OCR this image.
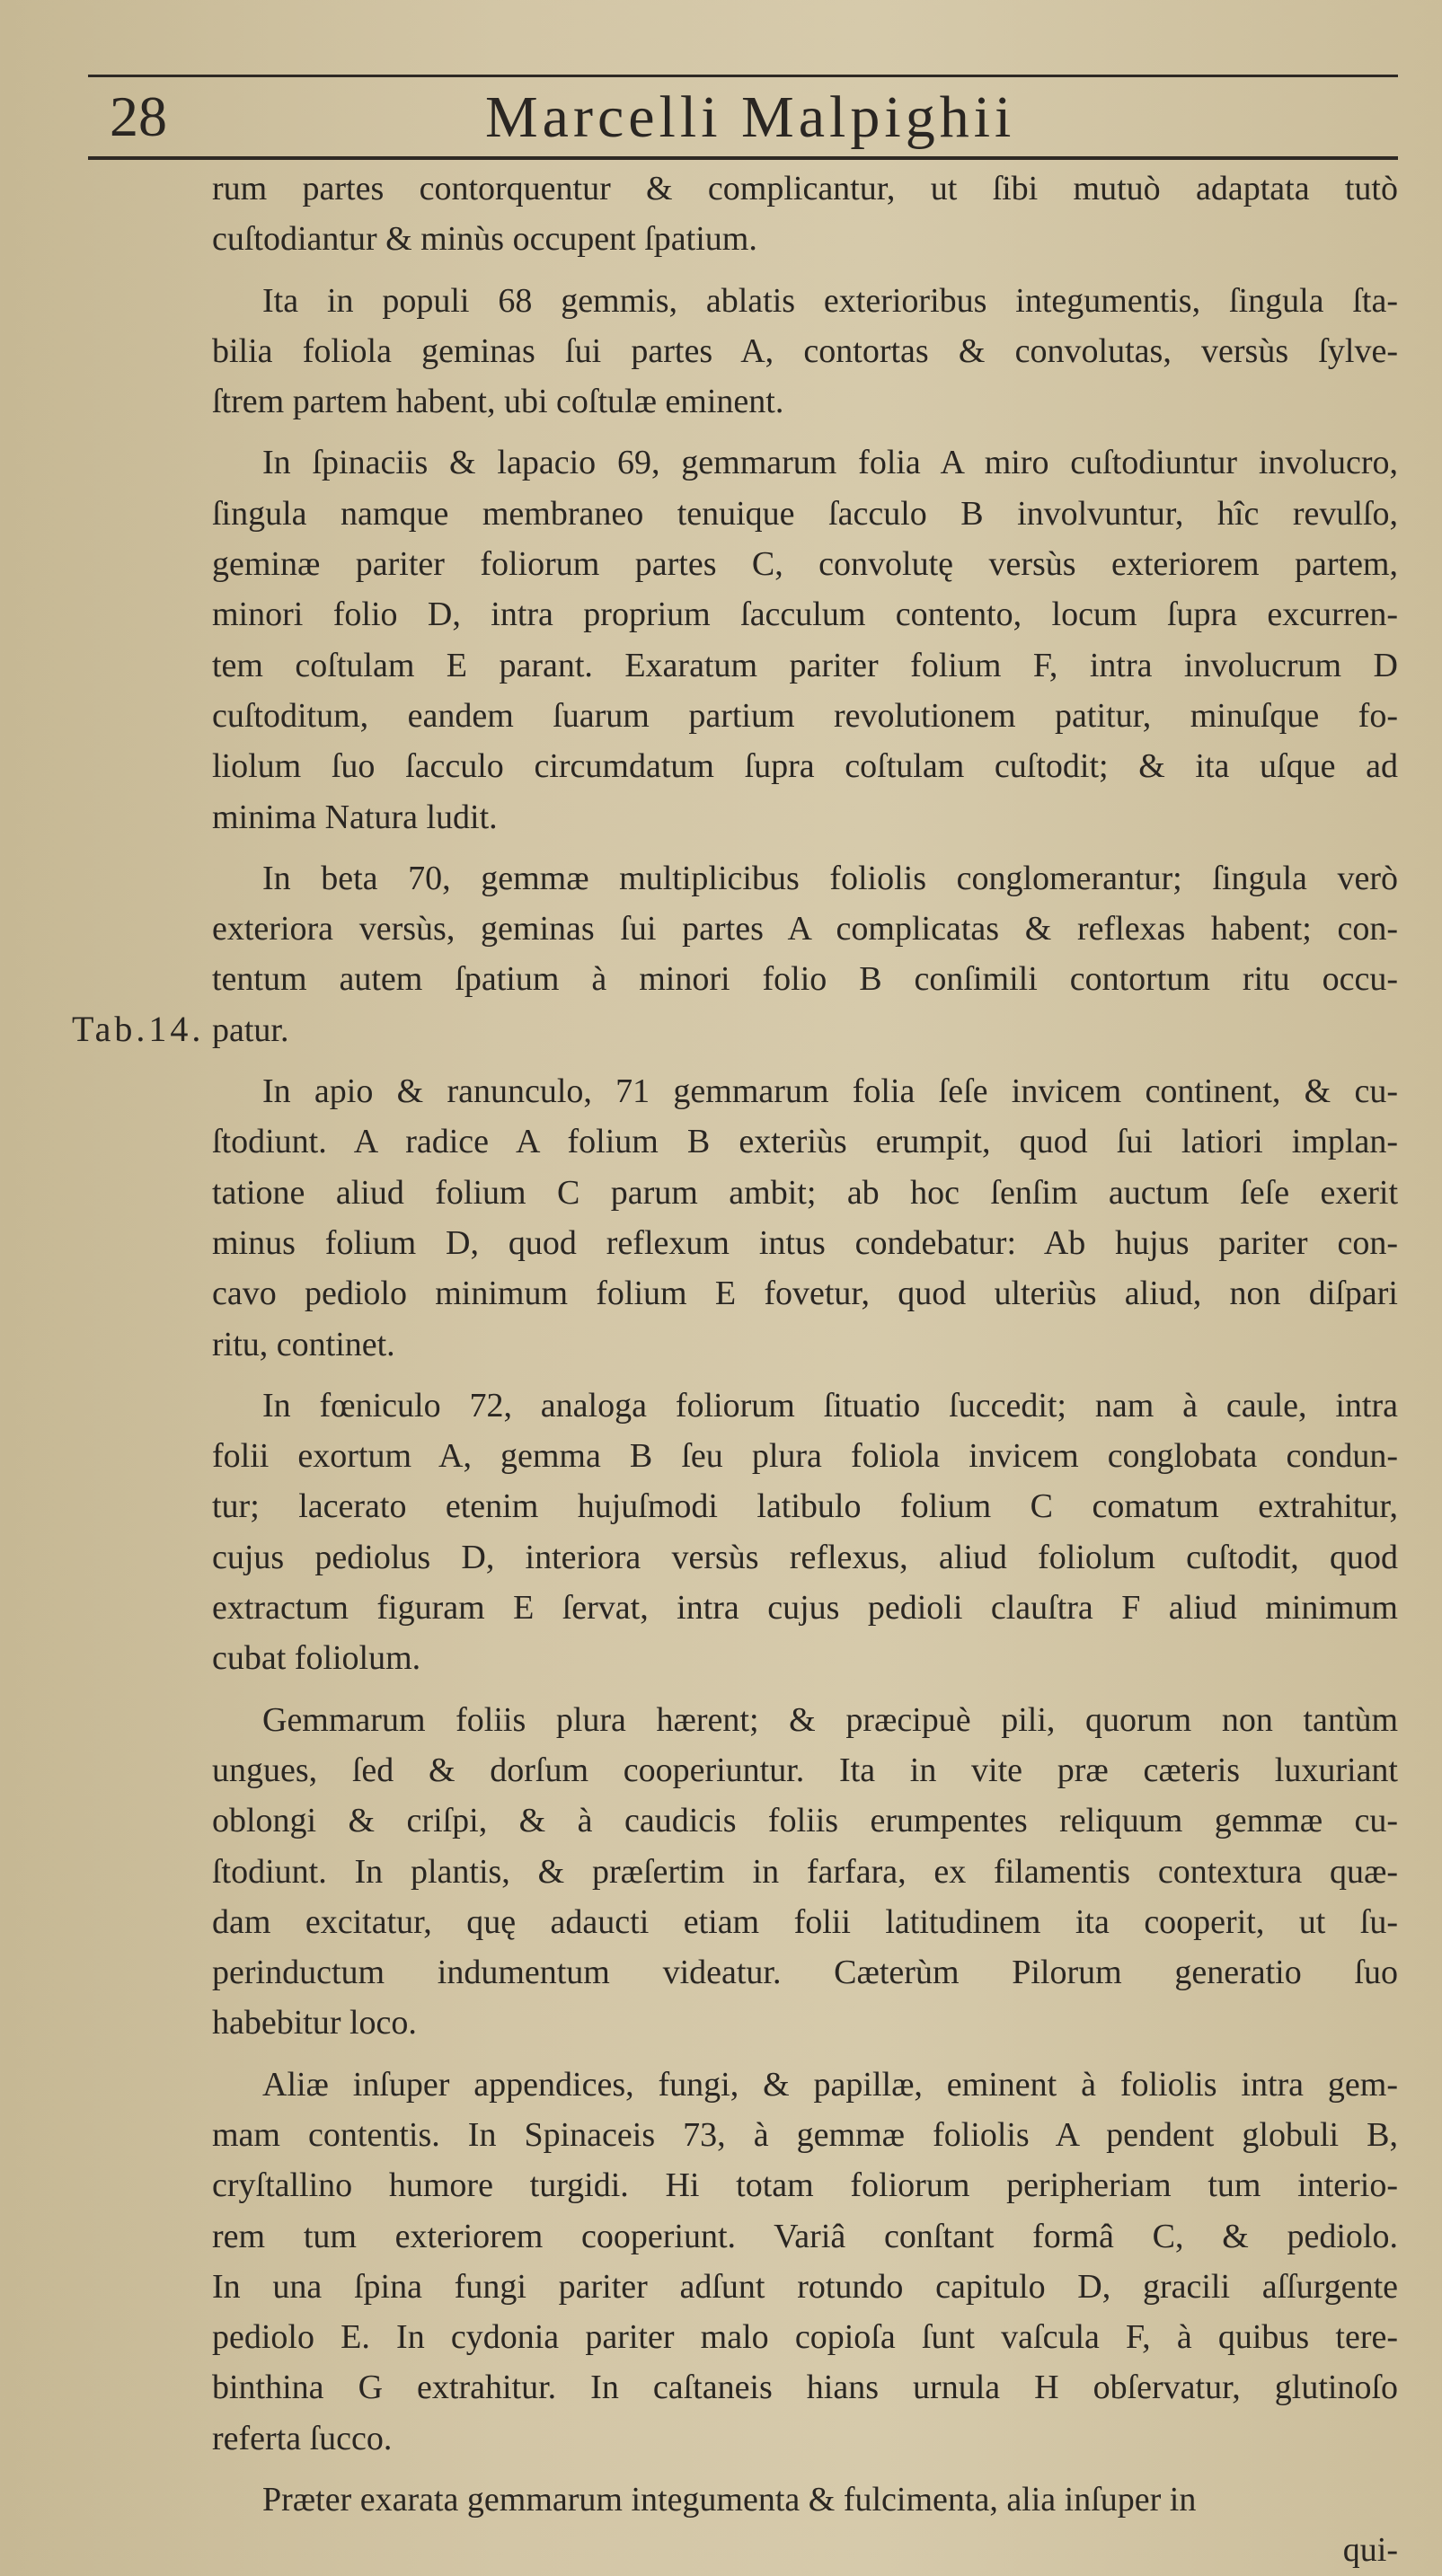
28	Marcelli Malpighii
Tab.14.
rum partes contorquentur & complicantur, ut ſibi mutuò adaptata tutò
cuſtodiantur & minùs occupent ſpatium.
Ita in populi 68 gemmis, ablatis exterioribus integumentis, ſingula ſta-
bilia foliola geminas ſui partes A, contortas & convolutas, versùs ſylve-
ſtrem partem habent, ubi coſtulæ eminent.
In ſpinaciis & lapacio 69, gemmarum folia A miro cuſtodiuntur involucro,
ſingula namque membraneo tenuique ſacculo B involvuntur, hîc revulſo,
geminæ pariter foliorum partes C, convolutę versùs exteriorem partem,
minori folio D, intra proprium ſacculum contento, locum ſupra excurren-
tem coſtulam E parant. Exaratum pariter folium F, intra involucrum D
cuſtoditum, eandem ſuarum partium revolutionem patitur, minuſque fo-
liolum ſuo ſacculo circumdatum ſupra coſtulam cuſtodit; & ita uſque ad
minima Natura ludit.
In beta 70, gemmæ multiplicibus foliolis conglomerantur; ſingula verò
exteriora versùs, geminas ſui partes A complicatas & reflexas habent; con-
tentum autem ſpatium à minori folio B conſimili contortum ritu occu-
patur.
In apio & ranunculo, 71 gemmarum folia ſeſe invicem continent, & cu-
ſtodiunt. A radice A folium B exteriùs erumpit, quod ſui latiori implan-
tatione aliud folium C parum ambit; ab hoc ſenſim auctum ſeſe exerit
minus folium D, quod reflexum intus condebatur: Ab hujus pariter con-
cavo pediolo minimum folium E fovetur, quod ulteriùs aliud, non diſpari
ritu, continet.
In fœniculo 72, analoga foliorum ſituatio ſuccedit; nam à caule, intra
folii exortum A, gemma B ſeu plura foliola invicem conglobata condun-
tur; lacerato etenim hujuſmodi latibulo folium C comatum extrahitur,
cujus pediolus D, interiora versùs reflexus, aliud foliolum cuſtodit, quod
extractum figuram E ſervat, intra cujus pedioli clauſtra F aliud minimum
cubat foliolum.
Gemmarum foliis plura hærent; & præcipuè pili, quorum non tantùm
ungues, ſed & dorſum cooperiuntur. Ita in vite præ cæteris luxuriant
oblongi & criſpi, & à caudicis foliis erumpentes reliquum gemmæ cu-
ſtodiunt. In plantis, & præſertim in farfara, ex filamentis contextura quæ-
dam excitatur, quę adaucti etiam folii latitudinem ita cooperit, ut ſu-
perinductum indumentum videatur. Cæterùm Pilorum generatio ſuo
habebitur loco.
Aliæ inſuper appendices, fungi, & papillæ, eminent à foliolis intra gem-
mam contentis. In Spinaceis 73, à gemmæ foliolis A pendent globuli B,
cryſtallino humore turgidi. Hi totam foliorum peripheriam tum interio-
rem tum exteriorem cooperiunt. Variâ conſtant formâ C, & pediolo.
In una ſpina fungi pariter adſunt rotundo capitulo D, gracili aſſurgente
pediolo E. In cydonia pariter malo copioſa ſunt vaſcula F, à quibus tere-
binthina G extrahitur. In caſtaneis hians urnula H obſervatur, glutinoſo
referta ſucco.
Præter exarata gemmarum integumenta & fulcimenta, alia inſuper in
qui-
